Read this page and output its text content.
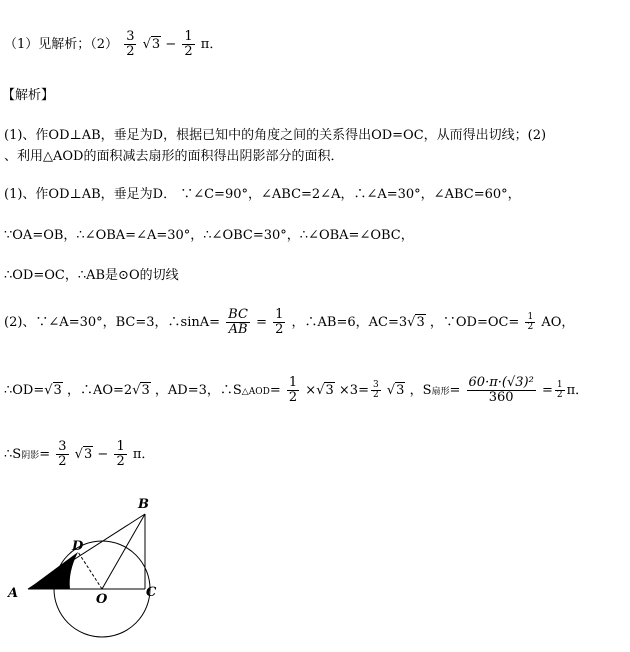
（1）见解析；$(2) \frac{3}{2} √3 - \frac{1}{2}$ π．
【解析】
(1)、作OD⊥AB，垂足为D，根据已知中的角度之间的关系得出OD=OC，从而得出切线；(2)
、利用△AOD的面积减去扇形的面积得出阴影部分的面积．
(1)、作OD⊥AB，垂足为D． ∵∠C=90°，∠ABC=2∠A，∴∠A=30°，∠ABC=60°，
∵OA=OB，∴∠OBA=∠A=30°，∴∠OBC=30°，∴∠OBA=∠OBC，
∴OD=OC，∴AB是⊙O的切线
(2)、∵∠A=30°，BC=3，∴sinA= $\frac{BC}{AB} = \frac{1}{2}$ ，∴AB=6，AC=3√3 ，∵OD=OC= $\frac{1}{2}$ AO，
∴OD=√3 ，∴AO=2√3 ，AD=3，∴S△AOD= $\frac{1}{2} \times√3 \times 3= \frac{3}{2} √3$ ，S扇形= $\frac{\text{60·π·(√3)²}}{360} = \frac{1}{2}$ π．
∴S阴影= $\frac{3}{2} √3 - \frac{1}{2}$ π．
A
B
C
D
O
